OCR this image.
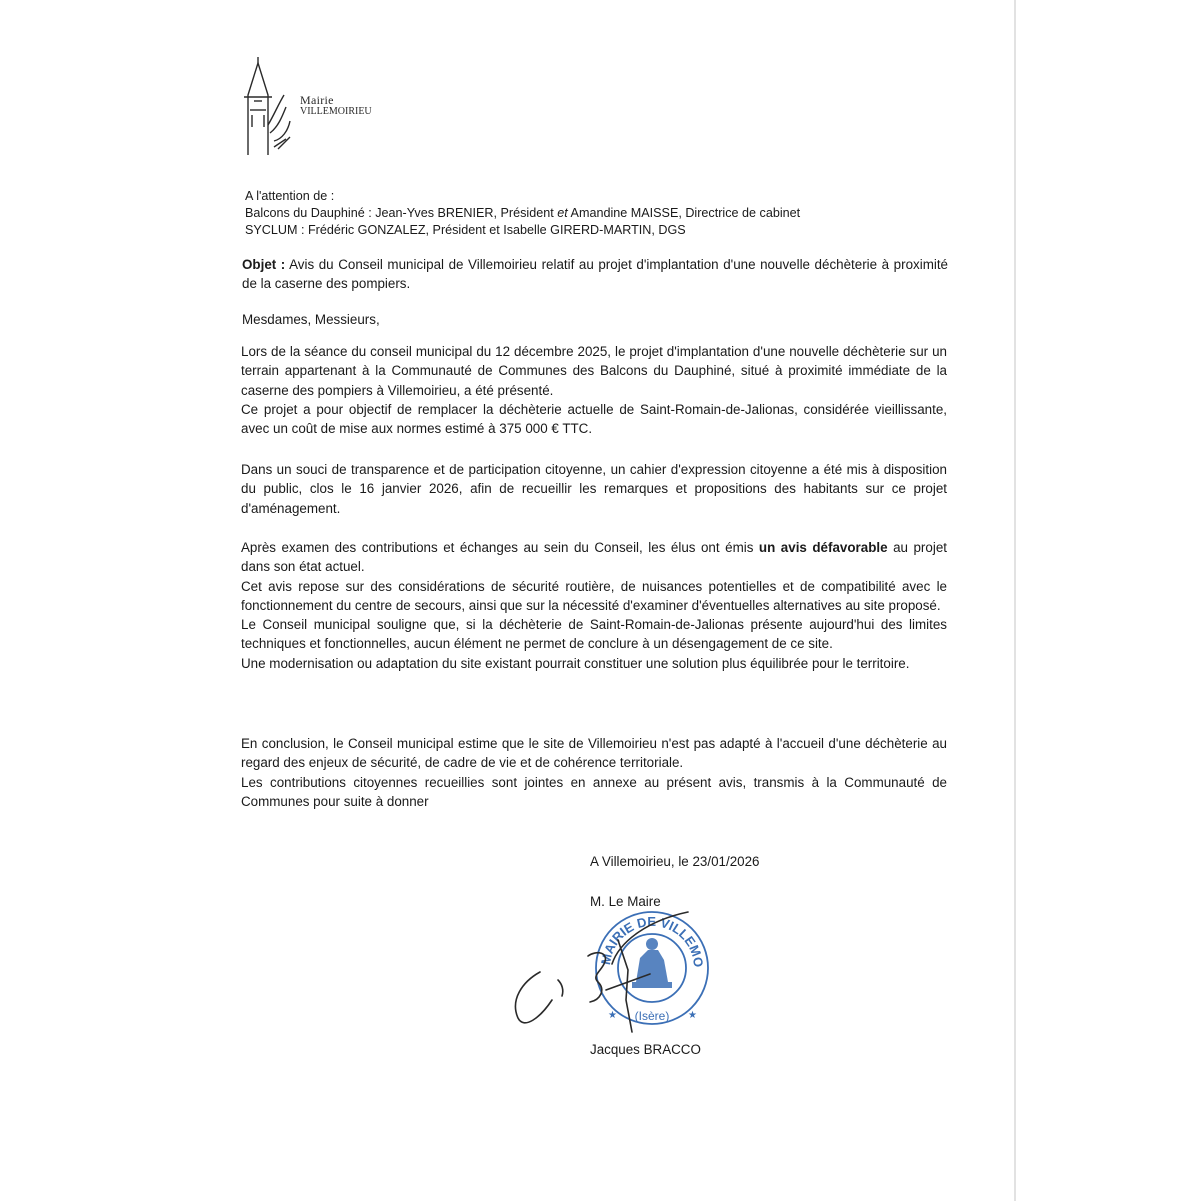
Mairie
VILLEMOIRIEU
A l'attention de :
Balcons du Dauphiné : Jean-Yves BRENIER, Président et Amandine MAISSE, Directrice de cabinet
SYCLUM : Frédéric GONZALEZ, Président et Isabelle GIRERD-MARTIN, DGS
Objet : Avis du Conseil municipal de Villemoirieu relatif au projet d'implantation d'une nouvelle déchèterie à proximité de la caserne des pompiers.
Mesdames, Messieurs,

Lors de la séance du conseil municipal du 12 décembre 2025, le projet d'implantation d'une nouvelle déchèterie sur un terrain appartenant à la Communauté de Communes des Balcons du Dauphiné, situé à proximité immédiate de la caserne des pompiers à Villemoirieu, a été présenté.

Ce projet a pour objectif de remplacer la déchèterie actuelle de Saint-Romain-de-Jalionas, considérée vieillissante, avec un coût de mise aux normes estimé à 375 000 € TTC.

Dans un souci de transparence et de participation citoyenne, un cahier d'expression citoyenne a été mis à disposition du public, clos le 16 janvier 2026, afin de recueillir les remarques et propositions des habitants sur ce projet d'aménagement.

Après examen des contributions et échanges au sein du Conseil, les élus ont émis un avis défavorable au projet dans son état actuel.

Cet avis repose sur des considérations de sécurité routière, de nuisances potentielles et de compatibilité avec le fonctionnement du centre de secours, ainsi que sur la nécessité d'examiner d'éventuelles alternatives au site proposé.

Le Conseil municipal souligne que, si la déchèterie de Saint-Romain-de-Jalionas présente aujourd'hui des limites techniques et fonctionnelles, aucun élément ne permet de conclure à un désengagement de ce site.

Une modernisation ou adaptation du site existant pourrait constituer une solution plus équilibrée pour le territoire.

En conclusion, le Conseil municipal estime que le site de Villemoirieu n'est pas adapté à l'accueil d'une déchèterie au regard des enjeux de sécurité, de cadre de vie et de cohérence territoriale.

Les contributions citoyennes recueillies sont jointes en annexe au présent avis, transmis à la Communauté de Communes pour suite à donner

A Villemoirieu, le 23/01/2026
M. Le Maire
MAIRIE DE VILLEMO
★	★
(Isère)
Jacques BRACCO
